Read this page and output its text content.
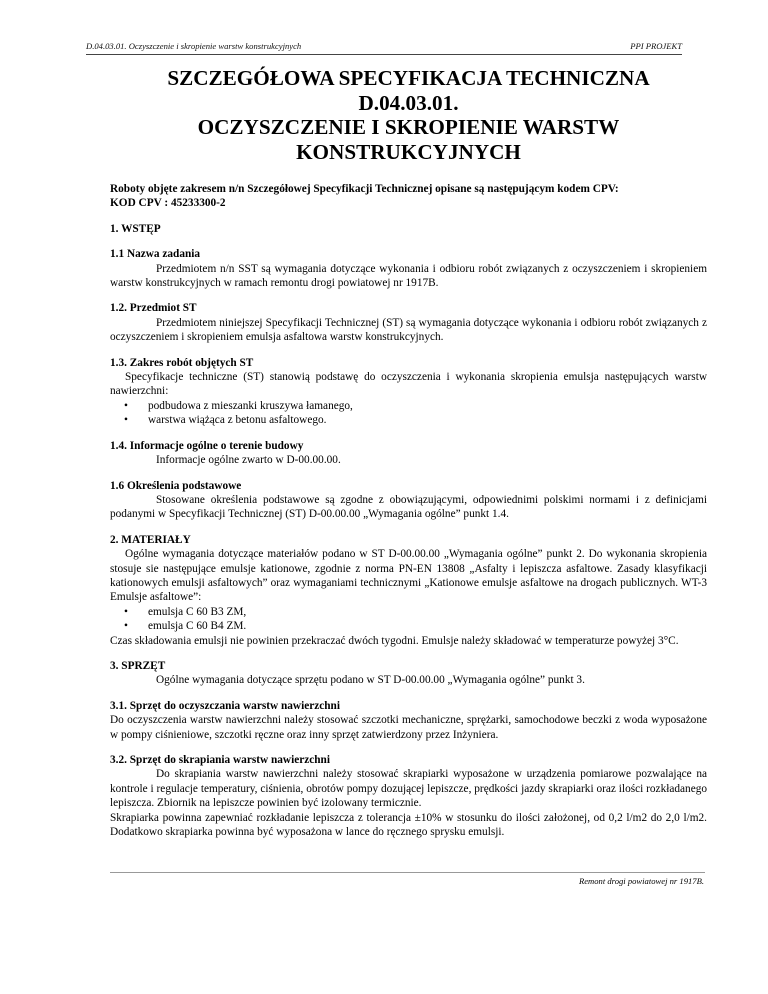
D.04.03.01. Oczyszczenie i skropienie warstw konstrukcyjnych	PPI PROJEKT
SZCZEGÓŁOWA SPECYFIKACJA TECHNICZNA
D.04.03.01.
OCZYSZCZENIE I SKROPIENIE WARSTW
KONSTRUKCYJNYCH
Roboty objęte zakresem n/n Szczegółowej Specyfikacji Technicznej opisane są następującym kodem CPV:
KOD CPV : 45233300-2
1. WSTĘP
1.1 Nazwa zadania

Przedmiotem n/n SST są wymagania dotyczące wykonania i odbioru robót związanych z oczyszczeniem i skropieniem warstw konstrukcyjnych w ramach remontu drogi powiatowej nr 1917B.

1.2. Przedmiot ST

Przedmiotem niniejszej Specyfikacji Technicznej (ST) są wymagania dotyczące wykonania i odbioru robót związanych z oczyszczeniem i skropieniem emulsja asfaltowa warstw konstrukcyjnych.

1.3. Zakres robót objętych ST

Specyfikacje techniczne (ST) stanowią podstawę do oczyszczenia i wykonania skropienia emulsja następujących warstw nawierzchni:

• podbudowa z mieszanki kruszywa łamanego,
• warstwa wiążąca z betonu asfaltowego.
1.4. Informacje ogólne o terenie budowy

Informacje ogólne zwarto w D-00.00.00.

1.6 Określenia podstawowe

Stosowane określenia podstawowe są zgodne z obowiązującymi, odpowiednimi polskimi normami i z definicjami podanymi w Specyfikacji Technicznej (ST) D-00.00.00 „Wymagania ogólne” punkt 1.4.

2. MATERIAŁY

Ogólne wymagania dotyczące materiałów podano w ST D-00.00.00 „Wymagania ogólne” punkt 2. Do wykonania skropienia stosuje sie następujące emulsje kationowe, zgodnie z norma PN-EN 13808 „Asfalty i lepiszcza asfaltowe. Zasady klasyfikacji kationowych emulsji asfaltowych” oraz wymaganiami technicznymi „Kationowe emulsje asfaltowe na drogach publicznych. WT-3 Emulsje asfaltowe”:

• emulsja C 60 B3 ZM,
• emulsja C 60 B4 ZM.

Czas składowania emulsji nie powinien przekraczać dwóch tygodni. Emulsje należy składować w temperaturze powyżej 3°C.

3. SPRZĘT

Ogólne wymagania dotyczące sprzętu podano w ST D-00.00.00 „Wymagania ogólne” punkt 3.

3.1. Sprzęt do oczyszczania warstw nawierzchni

Do oczyszczenia warstw nawierzchni należy stosować szczotki mechaniczne, sprężarki, samochodowe beczki z woda wyposażone w pompy ciśnieniowe, szczotki ręczne oraz inny sprzęt zatwierdzony przez Inżyniera.

3.2. Sprzęt do skrapiania warstw nawierzchni

Do skrapiania warstw nawierzchni należy stosować skrapiarki wyposażone w urządzenia pomiarowe pozwalające na kontrole i regulacje temperatury, ciśnienia, obrotów pompy dozującej lepiszcze, prędkości jazdy skrapiarki oraz ilości rozkładanego lepiszcza. Zbiornik na lepiszcze powinien być izolowany termicznie.

Skrapiarka powinna zapewniać rozkładanie lepiszcza z tolerancja ±10% w stosunku do ilości założonej, od 0,2 l/m2 do 2,0 l/m2. Dodatkowo skrapiarka powinna być wyposażona w lance do ręcznego sprysku emulsji.

Remont drogi powiatowej nr 1917B.
